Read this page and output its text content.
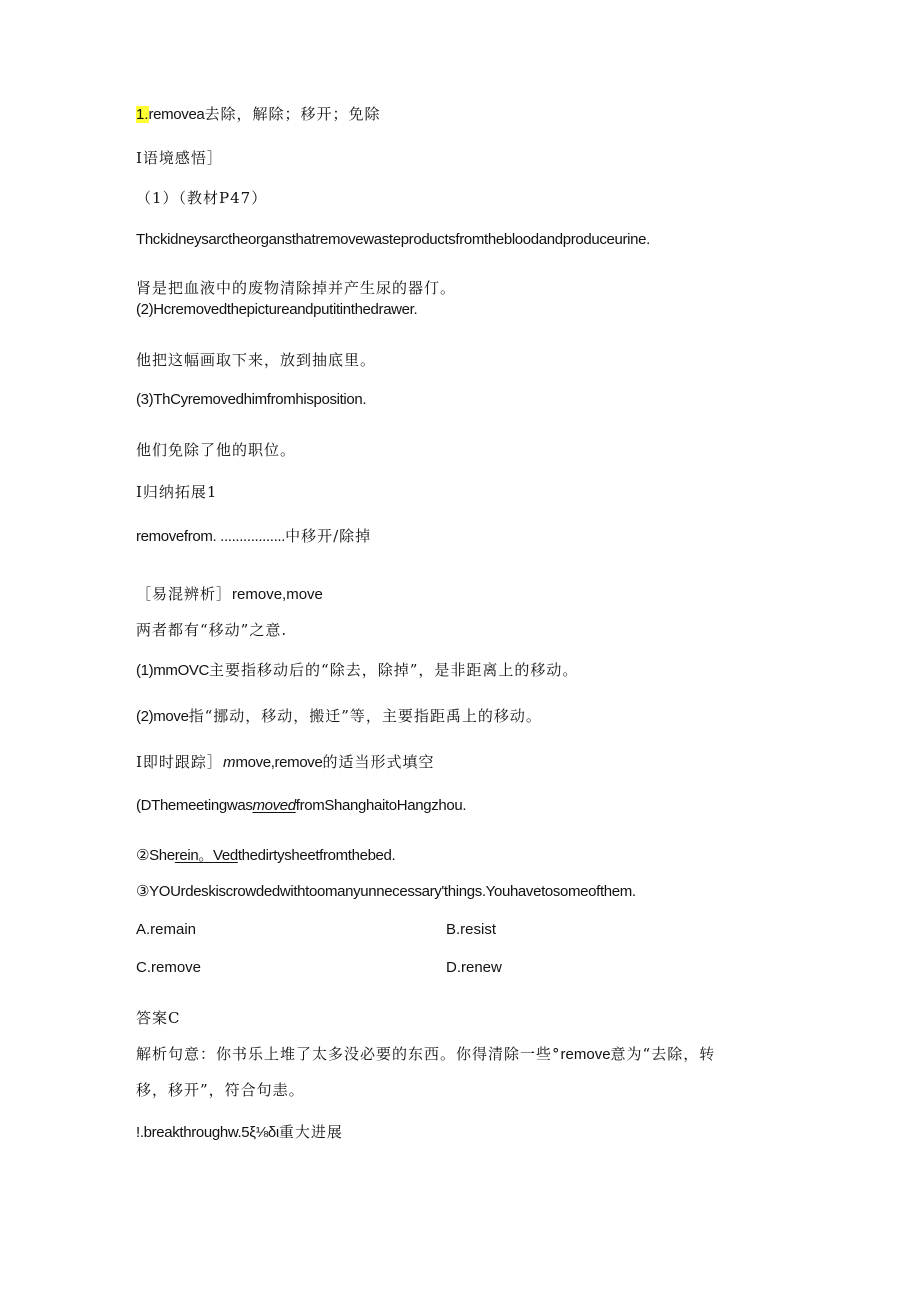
1.removea去除，解除；移开；免除
I语境感悟］
（1）（教材P47）
Thckidneysarctheorgansthatremovewasteproductsfromthebloodandproduceurine.
肾是把血液中的废物清除掉并产生尿的器仃。
(2)Hcremovedthepictureandputitinthedrawer.
他把这幅画取下来，放到抽底里。
(3)ThCyremovedhimfromhisposition.
他们免除了他的职位。
I归纳拓展1
removefrom. .................中移开/除掉
［易混辨析］remove,move
两者都有“移动”之意.
(1)mmOVC主要指移动后的“除去，除掉”，是非距离上的移动。
(2)move指“挪动，移动，搬迁”等，主要指距禹上的移动。
I即时跟踪］mmove,remove的适当形式填空
(DThemeetingwasmovedfromShanghaitoHangzhou.
②Sherein。Vedthedirtysheetfromthebed.
③YOUrdeskiscrowdedwithtoomanyunnecessary'things.Youhavetosomeofthem.
A.remain	B.resist
C.remove	D.renew
答案C
解析句意：你书乐上堆了太多没必要的东西。你得清除一些°remove意为“去除，转
移，移开”，符合句恚。
!.breakthroughw.5ξ⅛δι重大进展
